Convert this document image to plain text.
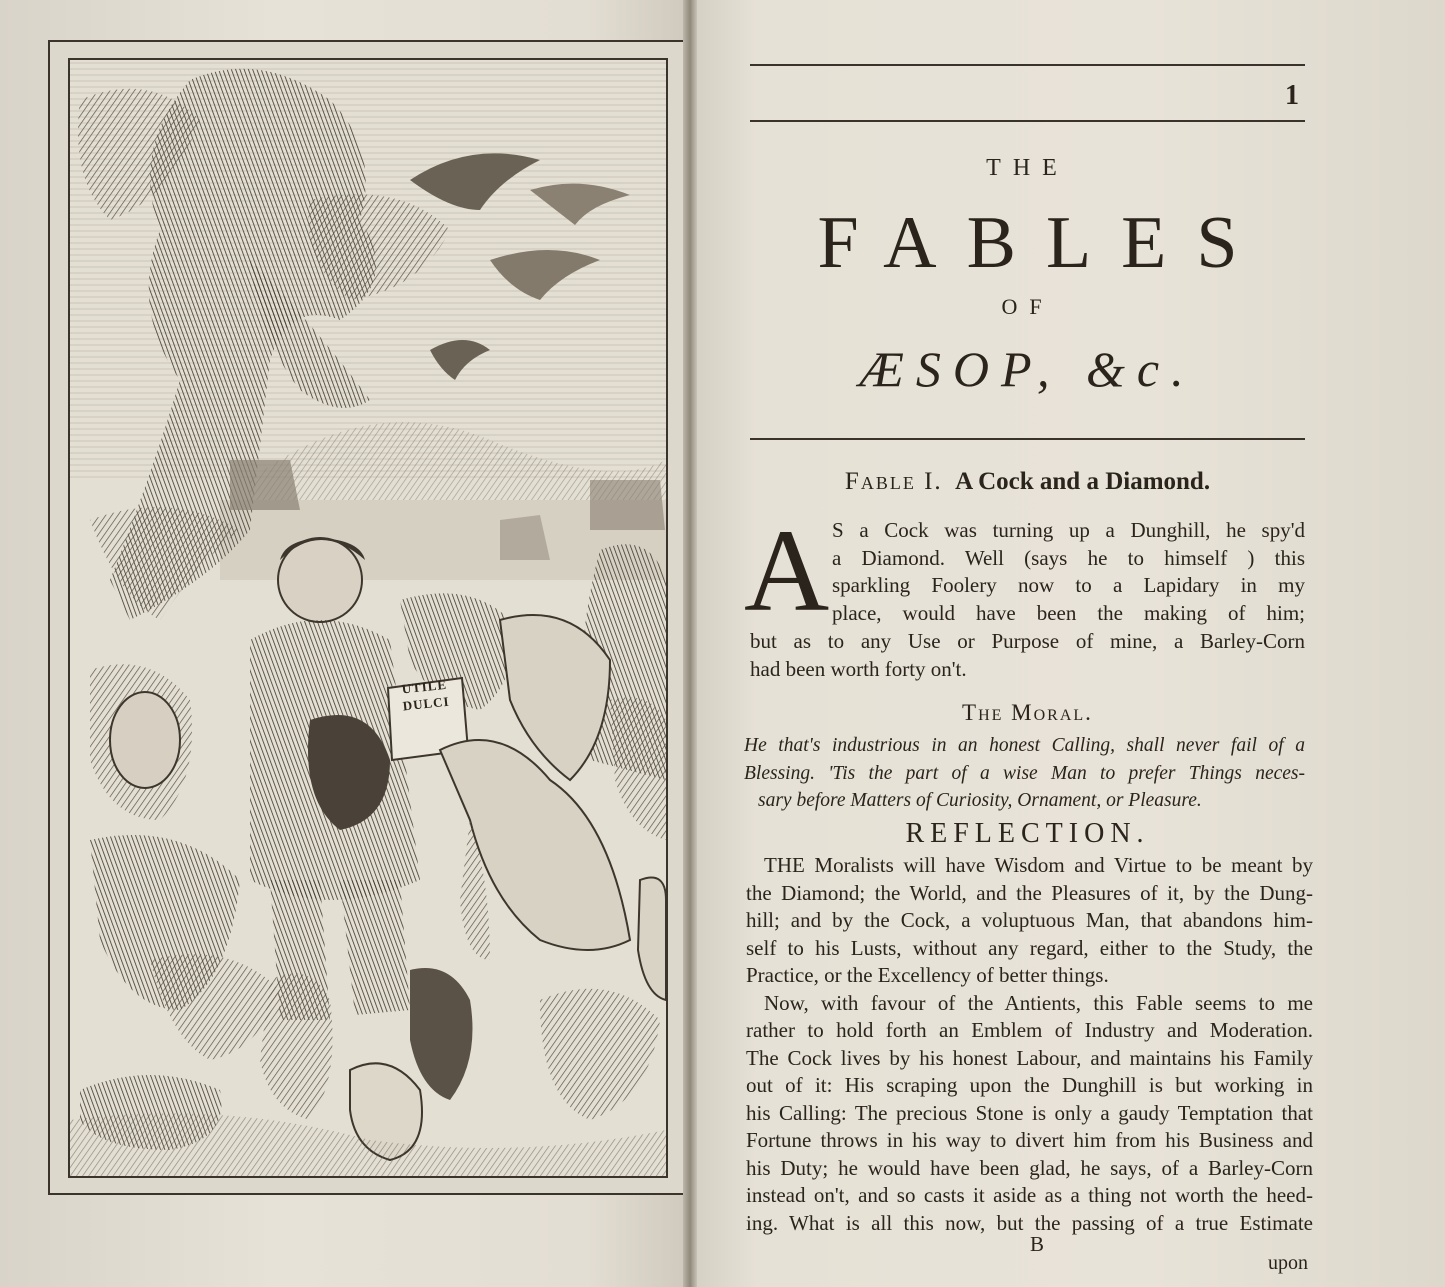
UTILE
DULCI
1
THE
FABLES
OF
ÆSOP, &c.
Fable I. A Cock and a Diamond.
A S a Cock was turning up a Dunghill, he spy'd
a Diamond. Well (says he to himself ) this
sparkling Foolery now to a Lapidary in my
place, would have been the making of him;
but as to any Use or Purpose of mine, a Barley-Corn
had been worth forty on't.
The Moral.
He that's industrious in an honest Calling, shall never fail of a
Blessing. 'Tis the part of a wise Man to prefer Things neces-
sary before Matters of Curiosity, Ornament, or Pleasure.
REFLECTION.
THE Moralists will have Wisdom and Virtue to be meant by
the Diamond; the World, and the Pleasures of it, by the Dung-
hill; and by the Cock, a voluptuous Man, that abandons him-
self to his Lusts, without any regard, either to the Study, the
Practice, or the Excellency of better things.
Now, with favour of the Antients, this Fable seems to me
rather to hold forth an Emblem of Industry and Moderation.
The Cock lives by his honest Labour, and maintains his Family
out of it: His scraping upon the Dunghill is but working in
his Calling: The precious Stone is only a gaudy Temptation that
Fortune throws in his way to divert him from his Business and
his Duty; he would have been glad, he says, of a Barley-Corn
instead on't, and so casts it aside as a thing not worth the heed-
ing. What is all this now, but the passing of a true Estimate
B
upon
